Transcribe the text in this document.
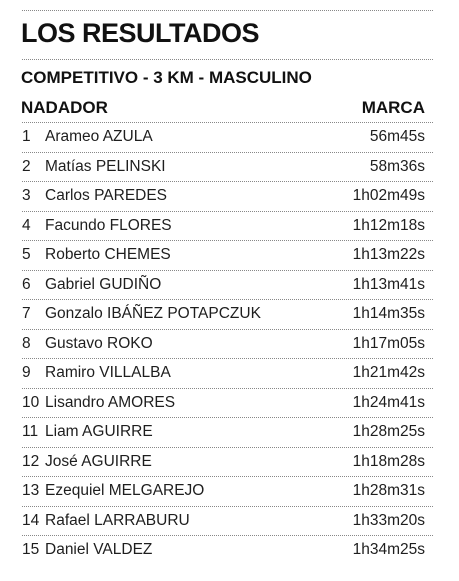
LOS RESULTADOS
COMPETITIVO - 3 KM - MASCULINO
NADADOR	MARCA
1 Arameo AZULA	56m45s
2 Matías PELINSKI	58m36s
3 Carlos PAREDES	1h02m49s
4 Facundo FLORES	1h12m18s
5 Roberto CHEMES	1h13m22s
6 Gabriel GUDIÑO	1h13m41s
7 Gonzalo IBÁÑEZ POTAPCZUK	1h14m35s
8 Gustavo ROKO	1h17m05s
9 Ramiro VILLALBA	1h21m42s
10 Lisandro AMORES	1h24m41s
11 Liam AGUIRRE	1h28m25s
12 José AGUIRRE	1h18m28s
13 Ezequiel MELGAREJO	1h28m31s
14 Rafael LARRABURU	1h33m20s
15 Daniel VALDEZ	1h34m25s
